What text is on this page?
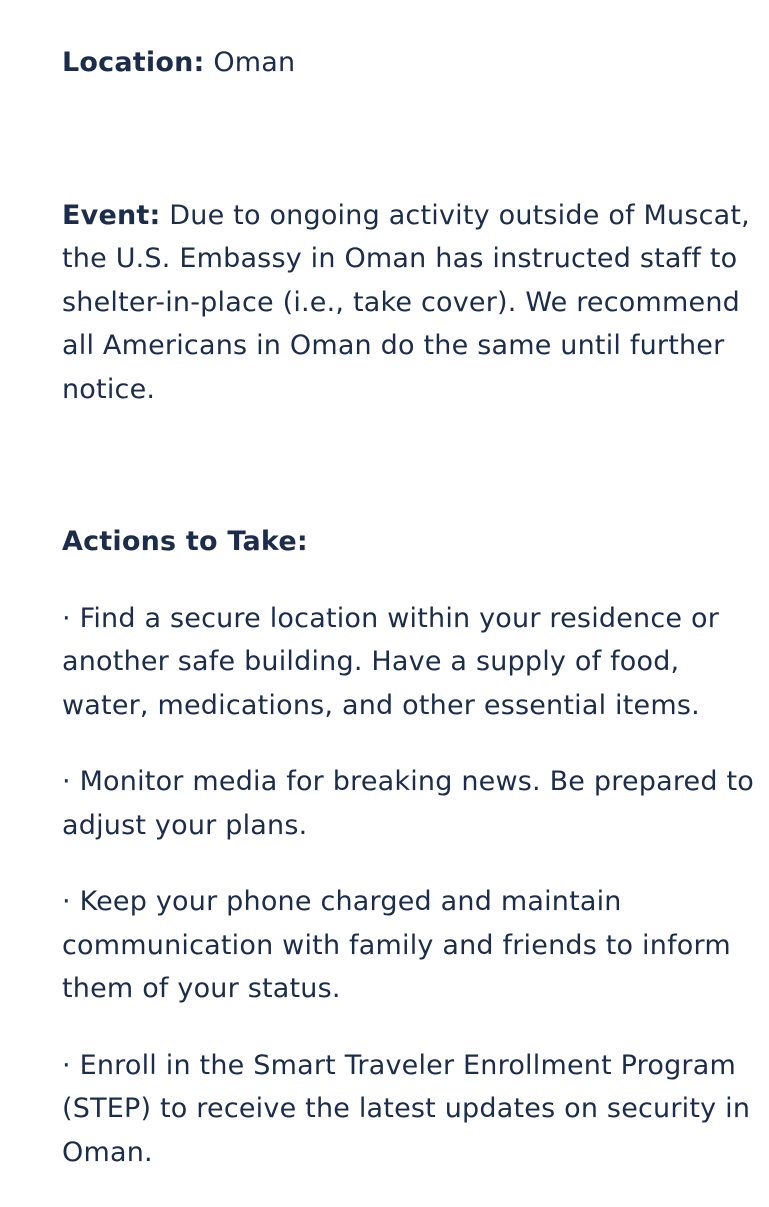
Location: Oman

Event: Due to ongoing activity outside of Muscat, the U.S. Embassy in Oman has instructed staff to shelter-in-place (i.e., take cover). We recommend all Americans in Oman do the same until further notice.

Actions to Take:

· Find a secure location within your residence or another safe building. Have a supply of food, water, medications, and other essential items.

· Monitor media for breaking news. Be prepared to adjust your plans.

· Keep your phone charged and maintain communication with family and friends to inform them of your status.

· Enroll in the Smart Traveler Enrollment Program (STEP) to receive the latest updates on security in Oman.
